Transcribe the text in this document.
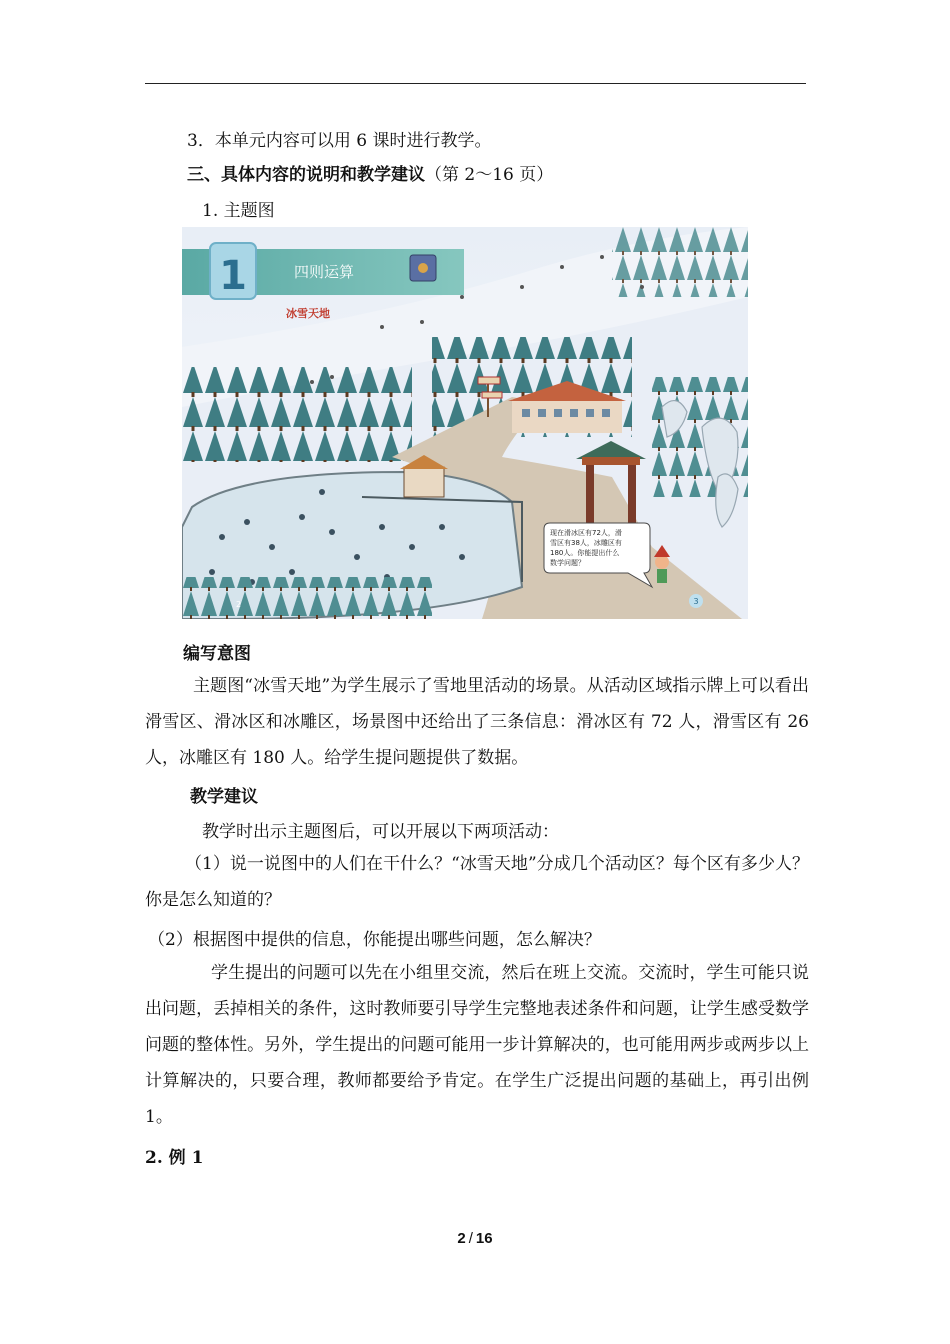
3．本单元内容可以用 6 课时进行教学。
三、具体内容的说明和教学建议（第 2～16 页）
1. 主题图
1	四则运算
冰雪天地
现在滑冰区有72人，滑
雪区有38人，冰雕区有
180人。你能提出什么
数学问题？
2	3
编写意图

主题图“冰雪天地”为学生展示了雪地里活动的场景。从活动区域指示牌上可以看出滑雪区、滑冰区和冰雕区，场景图中还给出了三条信息：滑冰区有 72 人，滑雪区有 26 人，冰雕区有 180 人。给学生提问题提供了数据。

教学建议
教学时出示主题图后，可以开展以下两项活动：

（1）说一说图中的人们在干什么？“冰雪天地”分成几个活动区？每个区有多少人？你是怎么知道的？

（2）根据图中提供的信息，你能提出哪些问题，怎么解决？

学生提出的问题可以先在小组里交流，然后在班上交流。交流时，学生可能只说出问题，丢掉相关的条件，这时教师要引导学生完整地表述条件和问题，让学生感受数学问题的整体性。另外，学生提出的问题可能用一步计算解决的，也可能用两步或两步以上计算解决的，只要合理，教师都要给予肯定。在学生广泛提出问题的基础上，再引出例 1。

2. 例 1
2 / 16
